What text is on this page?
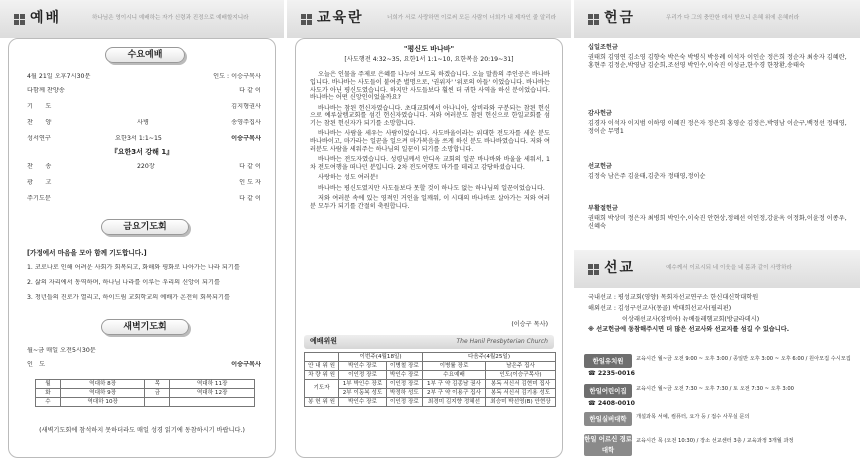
예배	하나님은 영이시니 예배하는 자가 신령과 진정으로 예배할지니라
수요예배
4월 21일 오후7시30분	인도 : 이승구목사
다함께 찬양송	다 같 이
기　　도	김지형권사
찬　　양	사병	송영주집사
성서연구	요한3서 1:1~15	이승구목사
『요한3서 강해 1』
찬　　송	220장	다 같 이
광　　고	인 도 자
주기도문	다 같 이
금요기도회
[가정에서 마음을 모아 함께 기도합니다.]
1. 코로나로 인해 어려운 사회가 회복되고, 화해와 평화로 나아가는 나라 되기를
2. 삶의 자리에서 동역하며, 하나님 나라를 이루는 우리의 신앙이 되기를
3. 청년들의 진로가 열리고, 하이드림 교회학교의 예배가 온전히 회복되기를
새벽기도회
월~금 매일 오전5시30분
인　도	이승구목사
월	역대하 8장	목	역대하 11장
화	역대하 9장	금	역대하 12장
수	역대하 10장		
(새벽기도회에 참석하지 못하더라도 매일 성경 읽기에 동참하시기 바랍니다.)
교육란	너희가 서로 사랑하면 이로써 모든 사람이 너희가 내 제자인 줄 알리라
"평신도 바나바"
[사도행전 4:32~35, 요한1서 1:1~10, 요한복음 20:19~31]

오늘은 인물을 주제로 은혜를 나누어 보도록 하겠습니다. 오늘 말씀의 주인공은 바나바입니다. 바나바는 사도들이 붙여준 별명으로, '권위자' '위로의 아들' 이었습니다. 바나바는 사도가 아닌 평신도였습니다. 하지만 사도들보다 훨씬 더 귀한 사역을 하신 분이었습니다. 바나바는 어떤 신앙인이었을까요?

바나바는 참된 헌신자였습니다. 초대교회에서 아나니아, 삽비라와 구분되는 참된 헌신으로 예루살렘교회를 섬긴 헌신자였습니다. 저와 여러분도 참된 헌신으로 한일교회를 섬기는 참된 헌신자가 되기를 소망합니다.

바나바는 사람을 세우는 사람이었습니다. 사도바울이라는 위대한 전도자를 세운 분도 바나바이고, 마가라는 일꾼을 일으켜 마가복음을 쓰게 하신 분도 바나바였습니다. 저와 여러분도 사람을 세워주는 하나님의 일꾼이 되기를 소망합니다.

바나바는 전도자였습니다. 성령님께서 안디옥 교회의 일꾼 바나바와 바울을 세워서, 1차 전도여행을 떠나던 분입니다. 2차 전도여행도 마가를 데리고 감당하셨습니다.

사랑하는 성도 여러분!

바나바는 평신도였지만 사도들보다 못할 것이 하나도 없는 하나님의 일꾼이었습니다.

저와 여러분 속에 있는 영적인 거인을 일깨워, 이 시대의 바나바로 살아가는 저와 여러분 모두가 되기를 간절히 축원합니다.

(이승구 목사)
예배위원	The Hanil Presbyterian Church
	이번주(4월18일)		다음주(4월25일)	
안 내 위 원	박인수 장로	이병철 장로	이병률 장로	남은주 집사
차 량 위 원	이인정 장로	박인수 장로	수요예배	인도(이승구목사)
기도자	1부 박인수 장로	이인정 장로	1부 구 약 김종남 권사	봉독 서신서 김현미 집사
	2부 이동복 성도	박정하 성도	2부 구 약 이용구 집사	봉독 서신서 김기용 성도
봉 헌 위 원	박인수 장로	이인정 장로	최경미 김지향 정혜선	최승미 박선영(B) 안현상
헌금	우리가 다 그의 충만한 데서 받으니 은혜 위에 은혜러라
십일조헌금
권태희 김영연 김소영 김향숙 박은숙 박병식 박응례 이석자 이인순 정은희 정순자 최송자 김혜란,홍현주 김정순,박영남 김순희,조선영 박인수,이숙진 이성균,한수경 한창환,송태숙
감사헌금
김경자 이석자 이지범 이하영 이혜진 정은자 정은희 홍영순 김정은,박영남 이순구,백정선 정태영,정이순 무명1
선교헌금
김정숙 남은주 김윤태,김춘자 정태영,정이순
부활절헌금
권태희 박상미 정은자 최병희 박인수,이숙진 안현상,정혜선 이인정,강윤옥 이정화,이윤정 이종우,신혜숙
선교	예수께서 이르시되 네 이웃을 네 몸과 같이 사랑하라
국내선교 : 평성교회(영양) 목회자선교연구소 한신대신학대학원
해외선교 : 김성구선교사(몽골) 박태희선교사(필리핀)
이상래선교사(잠비아) 뉴베들레헴교회(방글라데시)
※ 선교헌금에 동참해주시면 더 많은 선교사와 선교지를 섬길 수 있습니다.
한일유치원
☎ 2235-0016
교육시간 월~금 오전 9:00 ~ 오후 3:00 / 종일반 오후 3:00 ~ 오후 6:00 / 원아모집 수시모집
한일어린이집
☎ 2408-0010
교육시간 월~금 오전 7:30 ~ 오후 7:30 / 토 오전 7:30 ~ 오후 3:00
한일실버대학	개설과목 서예, 컴퓨터, 요가 등 / 접수 사무실 문의
한일 어르신 경로대학
교육시간 목 (오전 10:30) / 장소 선교센터 3층 / 교육과정 3개월 과정
